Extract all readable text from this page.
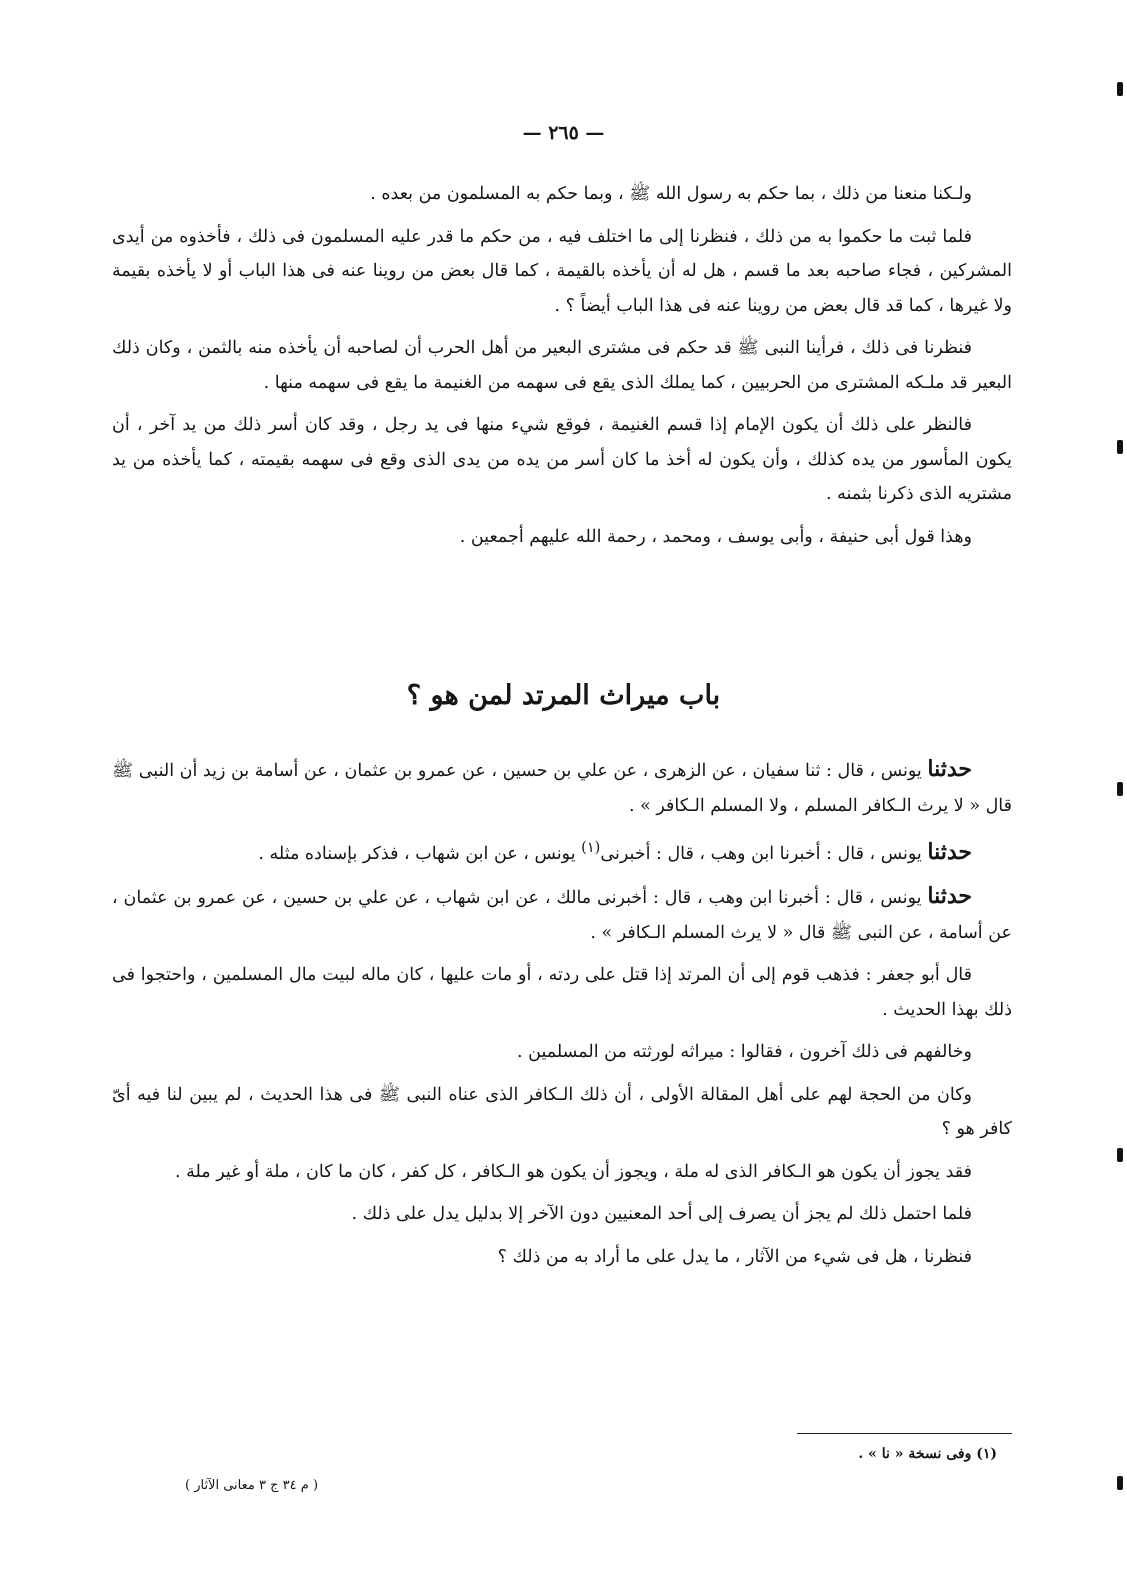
— ٢٦٥ —

ولـكنا منعنا من ذلك ، بما حكم به رسول الله ﷺ ، وبما حكم به المسلمون من بعده .

فلما ثبت ما حكموا به من ذلك ، فنظرنا إلى ما اختلف فيه ، من حكم ما قدر عليه المسلمون فى ذلك ، فأخذوه من أيدى المشركين ، فجاء صاحبه بعد ما قسم ، هل له أن يأخذه بالقيمة ، كما قال بعض من روينا عنه فى هذا الباب أو لا يأخذه بقيمة ولا غيرها ، كما قد قال بعض من روينا عنه فى هذا الباب أيضاً ؟ .

فنظرنا فى ذلك ، فرأينا النبى ﷺ قد حكم فى مشترى البعير من أهل الحرب أن لصاحبه أن يأخذه منه بالثمن ، وكان ذلك البعير قد ملـكه المشترى من الحربيين ، كما يملك الذى يقع فى سهمه من الغنيمة ما يقع فى سهمه منها .

فالنظر على ذلك أن يكون الإمام إذا قسم الغنيمة ، فوقع شيء منها فى يد رجل ، وقد كان أسر ذلك من يد آخر ، أن يكون المأسور من يده كذلك ، وأن يكون له أخذ ما كان أسر من يده من يدى الذى وقع فى سهمه بقيمته ، كما يأخذه من يد مشتريه الذى ذكرنا بثمنه .

وهذا قول أبى حنيفة ، وأبى يوسف ، ومحمد ، رحمة الله عليهم أجمعين .

باب ميراث المرتد لمن هو ؟

حدثنا يونس ، قال : ثنا سفيان ، عن الزهرى ، عن علي بن حسين ، عن عمرو بن عثمان ، عن أسامة بن زيد أن النبى ﷺ قال « لا يرث الـكافر المسلم ، ولا المسلم الـكافر » .

حدثنا يونس ، قال : أخبرنا ابن وهب ، قال : أخبرنى$^{(١)}$ يونس ، عن ابن شهاب ، فذكر بإسناده مثله .

حدثنا يونس ، قال : أخبرنا ابن وهب ، قال : أخبرنى مالك ، عن ابن شهاب ، عن علي بن حسين ، عن عمرو بن عثمان ، عن أسامة ، عن النبى ﷺ قال « لا يرث المسلم الـكافر » .

قال أبو جعفر : فذهب قوم إلى أن المرتد إذا قتل على ردته ، أو مات عليها ، كان ماله لبيت مال المسلمين ، واحتجوا فى ذلك بهذا الحديث .

وخالفهم فى ذلك آخرون ، فقالوا : ميراثه لورثته من المسلمين .

وكان من الحجة لهم على أهل المقالة الأولى ، أن ذلك الـكافر الذى عناه النبى ﷺ فى هذا الحديث ، لم يبين لنا فيه أىّ كافر هو ؟

فقد يجوز أن يكون هو الـكافر الذى له ملة ، ويجوز أن يكون هو الـكافر ، كل كفر ، كان ما كان ، ملة أو غير ملة .

فلما احتمل ذلك لم يجز أن يصرف إلى أحد المعنيين دون الآخر إلا بدليل يدل على ذلك .

فنظرنا ، هل فى شيء من الآثار ، ما يدل على ما أراد به من ذلك ؟

(١) وفى نسخة « نا » .
( م ٣٤ ج ٣ معانى الآثار )
